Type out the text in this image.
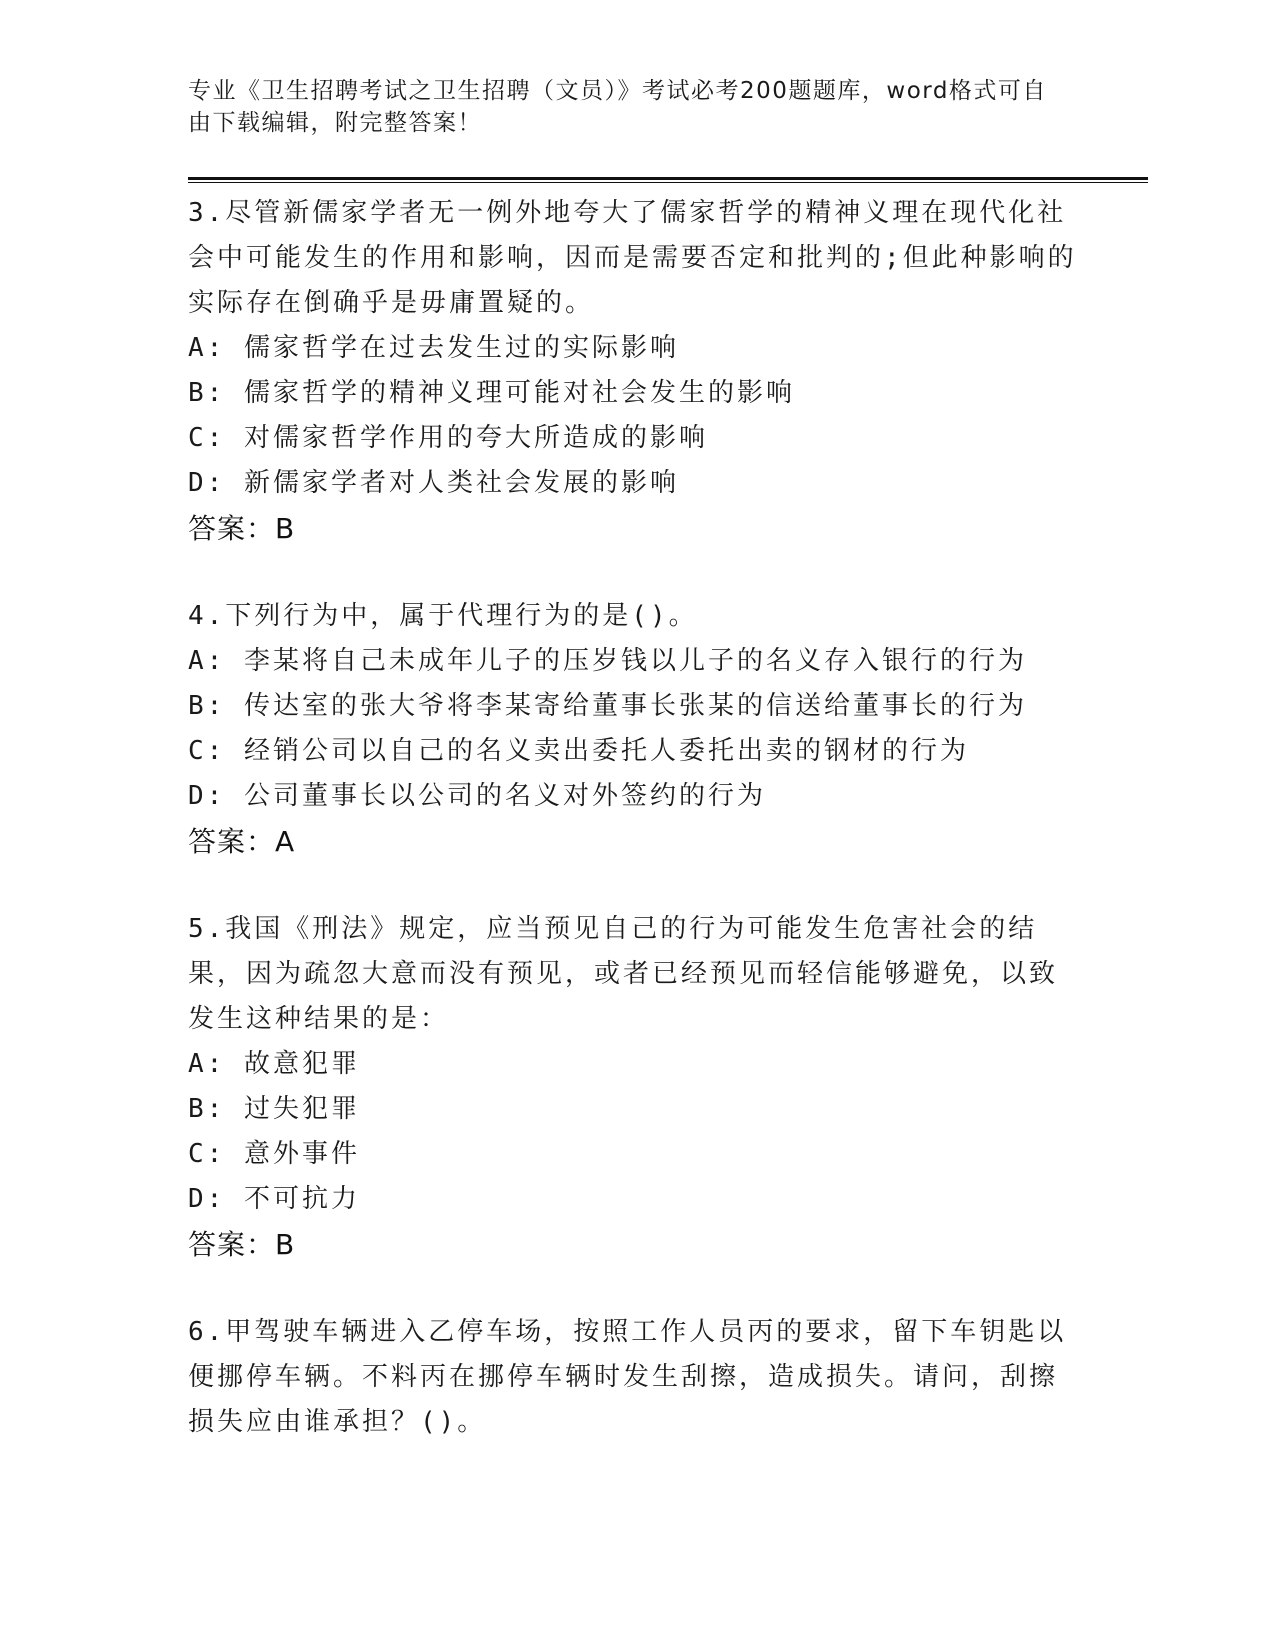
专业《卫生招聘考试之卫生招聘（文员）》考试必考200题题库，word格式可自由下载编辑，附完整答案！
3.尽管新儒家学者无一例外地夸大了儒家哲学的精神义理在现代化社会中可能发生的作用和影响，因而是需要否定和批判的;但此种影响的实际存在倒确乎是毋庸置疑的。
A: 儒家哲学在过去发生过的实际影响
B: 儒家哲学的精神义理可能对社会发生的影响
C: 对儒家哲学作用的夸大所造成的影响
D: 新儒家学者对人类社会发展的影响
答案：B
4.下列行为中，属于代理行为的是()。
A: 李某将自己未成年儿子的压岁钱以儿子的名义存入银行的行为
B: 传达室的张大爷将李某寄给董事长张某的信送给董事长的行为
C: 经销公司以自己的名义卖出委托人委托出卖的钢材的行为
D: 公司董事长以公司的名义对外签约的行为
答案：A
5.我国《刑法》规定，应当预见自己的行为可能发生危害社会的结果，因为疏忽大意而没有预见，或者已经预见而轻信能够避免，以致发生这种结果的是：
A: 故意犯罪
B: 过失犯罪
C: 意外事件
D: 不可抗力
答案：B
6.甲驾驶车辆进入乙停车场，按照工作人员丙的要求，留下车钥匙以便挪停车辆。不料丙在挪停车辆时发生刮擦，造成损失。请问，刮擦损失应由谁承担？()。
